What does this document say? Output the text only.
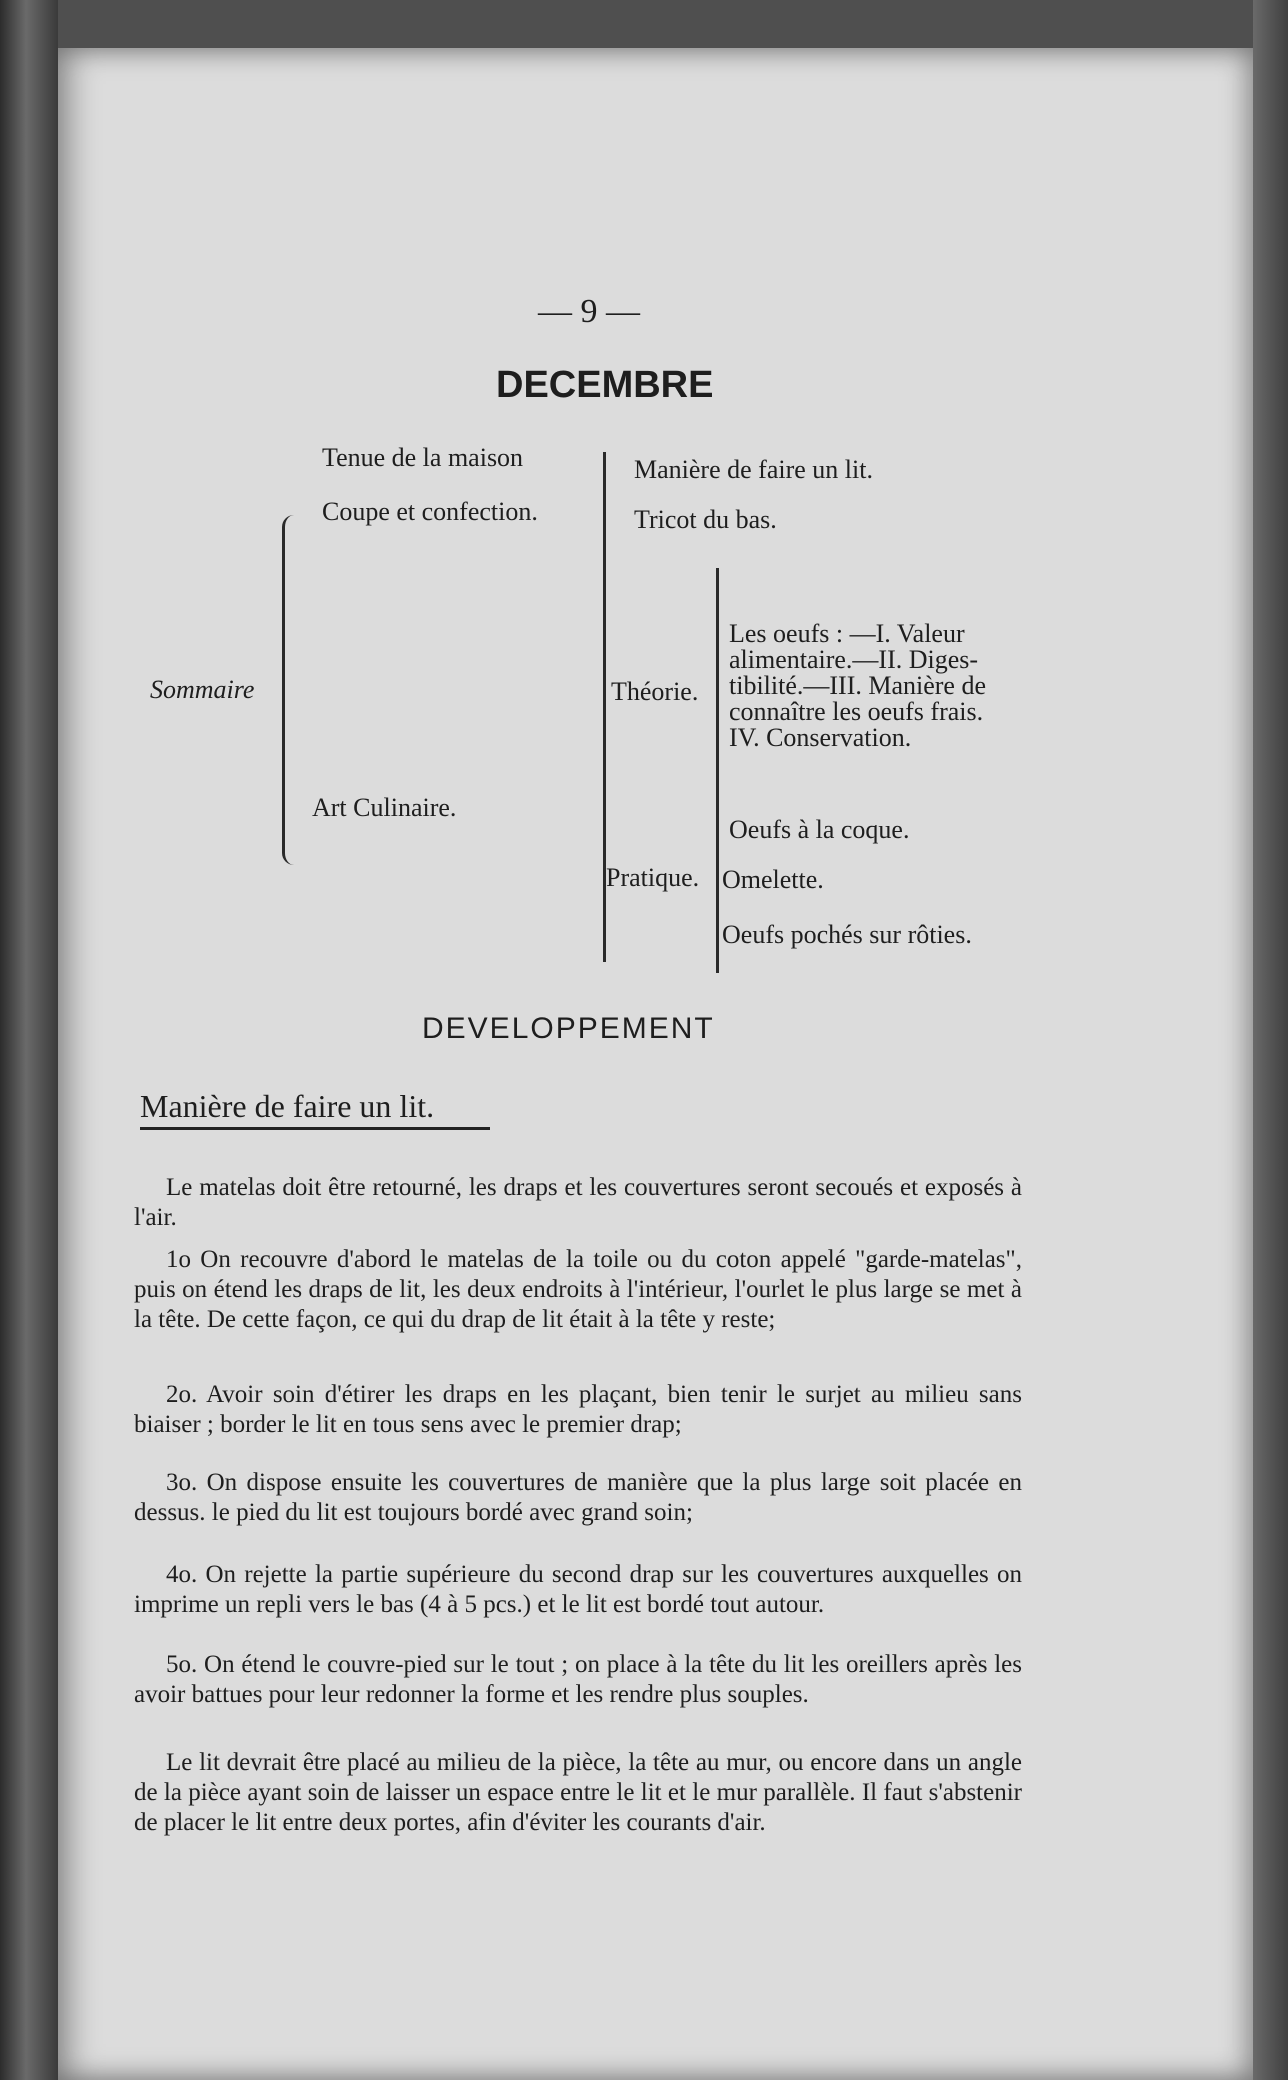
— 9 —
DECEMBRE
Tenue de la maison
Coupe et confection.
Art Culinaire.
Manière de faire un lit.
Tricot du bas.
Théorie.
Pratique.
Les oeufs : —I. Valeur
alimentaire.—II. Diges-
tibilité.—III. Manière de
connaître les oeufs frais.
IV. Conservation.
Oeufs à la coque.
Omelette.
Oeufs pochés sur rôties.
Sommaire
DEVELOPPEMENT
Manière de faire un lit.
Le matelas doit être retourné, les draps et les couvertures seront secoués et exposés à l'air.
1o On recouvre d'abord le matelas de la toile ou du coton appelé "garde-matelas", puis on étend les draps de lit, les deux endroits à l'intérieur, l'ourlet le plus large se met à la tête. De cette façon, ce qui du drap de lit était à la tête y reste;
2o. Avoir soin d'étirer les draps en les plaçant, bien tenir le surjet au milieu sans biaiser ; border le lit en tous sens avec le premier drap;
3o. On dispose ensuite les couvertures de manière que la plus large soit placée en dessus. le pied du lit est toujours bordé avec grand soin;
4o. On rejette la partie supérieure du second drap sur les couvertures auxquelles on imprime un repli vers le bas (4 à 5 pcs.) et le lit est bordé tout autour.
5o. On étend le couvre-pied sur le tout ; on place à la tête du lit les oreillers après les avoir battues pour leur redonner la forme et les rendre plus souples.
Le lit devrait être placé au milieu de la pièce, la tête au mur, ou encore dans un angle de la pièce ayant soin de laisser un espace entre le lit et le mur parallèle. Il faut s'abstenir de placer le lit entre deux portes, afin d'éviter les courants d'air.
